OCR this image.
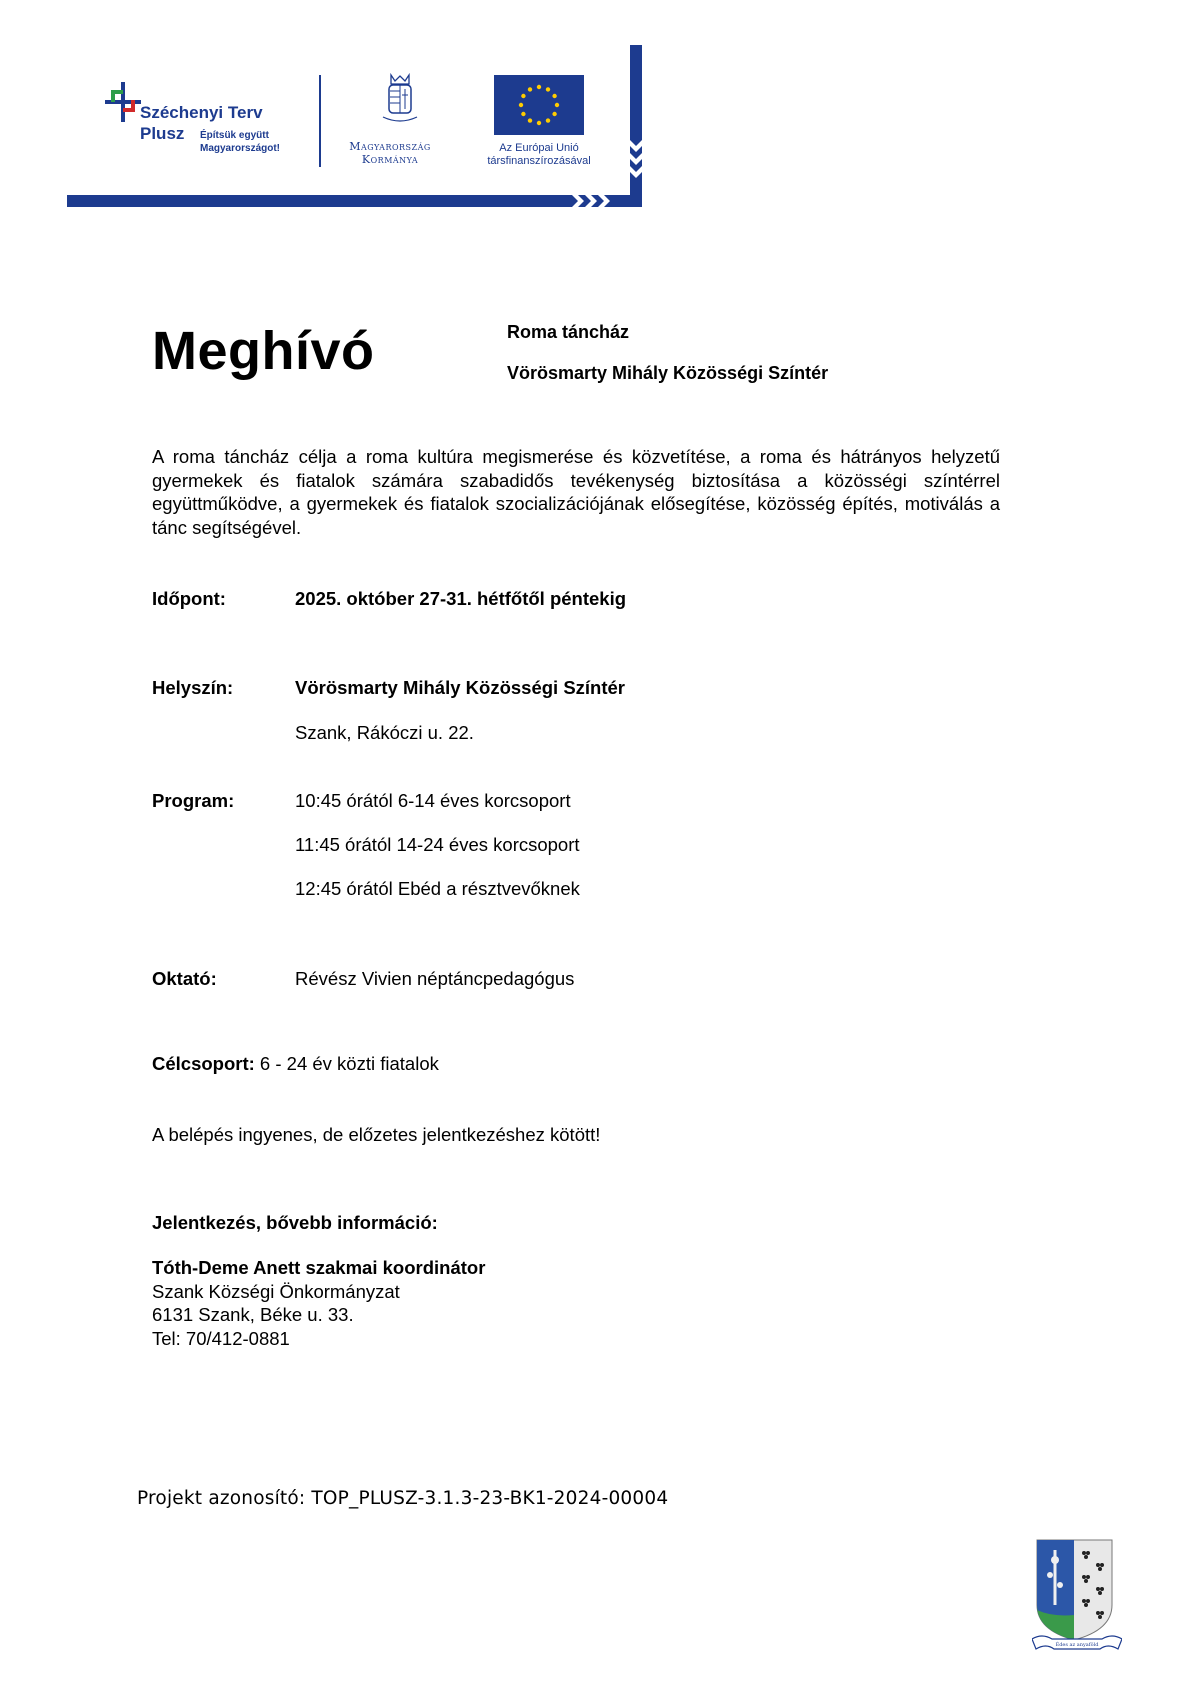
Széchenyi Terv
Plusz Építsük együtt
Magyarországot!	Magyarország
Kormánya
Az Európai Unió
társfinanszírozásával
Meghívó	Roma táncház
Vörösmarty Mihály Közösségi Színtér
A roma táncház célja a roma kultúra megismerése és közvetítése, a roma és hátrányos helyzetű gyermekek és fiatalok számára szabadidős tevékenység biztosítása a közösségi színtérrel együttműködve, a gyermekek és fiatalok szocializációjának elősegítése, közösség építés, motiválás a tánc segítségével.
Időpont:	2025. október 27-31. hétfőtől péntekig
Helyszín:	Vörösmarty Mihály Közösségi Színtér
Szank, Rákóczi u. 22.
Program:	10:45 órától 6-14 éves korcsoport
11:45 órától 14-24 éves korcsoport
12:45 órától Ebéd a résztvevőknek
Oktató:	Révész Vivien néptáncpedagógus
Célcsoport: 6 - 24 év közti fiatalok
A belépés ingyenes, de előzetes jelentkezéshez kötött!
Jelentkezés, bővebb információ:
Tóth-Deme Anett szakmai koordinátor
Szank Községi Önkormányzat
6131 Szank, Béke u. 33.
Tel: 70/412-0881
Projekt azonosító: TOP_PLUSZ-3.1.3-23-BK1-2024-00004
Édes az anyaföld
